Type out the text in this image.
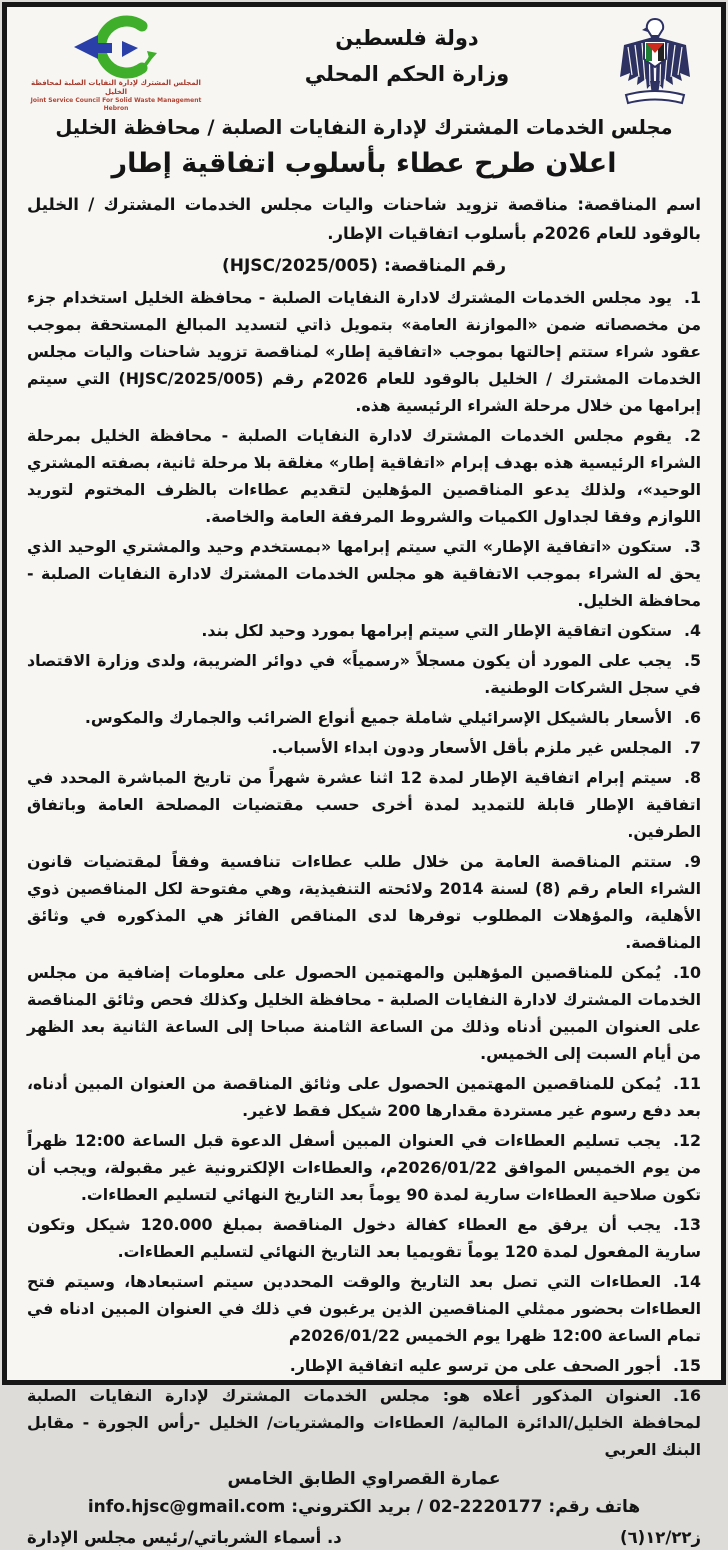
المجلس المشترك لإدارة النفايات الصلبة لمحافظة الخليل
Joint Service Council For Solid Waste Management Hebron
دولة فلسطين
وزارة الحكم المحلي
مجلس الخدمات المشترك لإدارة النفايات الصلبة / محافظة الخليل
اعلان طرح عطاء بأسلوب اتفاقية إطار
اسم المناقصة: مناقصة تزويد شاحنات واليات مجلس الخدمات المشترك / الخليل بالوقود للعام 2026م بأسلوب اتفاقيات الإطار.
رقم المناقصة: (HJSC/2025/005)
1.يود مجلس الخدمات المشترك لادارة النفايات الصلبة - محافظة الخليل استخدام جزء من مخصصاته ضمن «الموازنة العامة» بتمويل ذاتي لتسديد المبالغ المستحقة بموجب عقود شراء ستتم إحالتها بموجب «اتفاقية إطار» لمناقصة تزويد شاحنات واليات مجلس الخدمات المشترك / الخليل بالوقود للعام 2026م رقم (HJSC/2025/005) التي سيتم إبرامها من خلال مرحلة الشراء الرئيسية هذه.
2.يقوم مجلس الخدمات المشترك لادارة النفايات الصلبة - محافظة الخليل بمرحلة الشراء الرئيسية هذه بهدف إبرام «اتفاقية إطار» مغلقة بلا مرحلة ثانية، بصفته المشتري الوحيد»، ولذلك يدعو المناقصين المؤهلين لتقديم عطاءات بالظرف المختوم لتوريد اللوازم وفقا لجداول الكميات والشروط المرفقة العامة والخاصة.
3.ستكون «اتفاقية الإطار» التي سيتم إبرامها «بمستخدم وحيد والمشتري الوحيد الذي يحق له الشراء بموجب الاتفاقية هو مجلس الخدمات المشترك لادارة النفايات الصلبة - محافظة الخليل.
4.ستكون اتفاقية الإطار التي سيتم إبرامها بمورد وحيد لكل بند.
5.يجب على المورد أن يكون مسجلاً «رسمياً» في دوائر الضريبة، ولدى وزارة الاقتصاد في سجل الشركات الوطنية.
6.الأسعار بالشيكل الإسرائيلي شاملة جميع أنواع الضرائب والجمارك والمكوس.
7.المجلس غير ملزم بأقل الأسعار ودون ابداء الأسباب.
8.سيتم إبرام اتفاقية الإطار لمدة 12 اثنا عشرة شهراً من تاريخ المباشرة المحدد في اتفاقية الإطار قابلة للتمديد لمدة أخرى حسب مقتضيات المصلحة العامة وباتفاق الطرفين.
9.ستتم المناقصة العامة من خلال طلب عطاءات تنافسية وفقاً لمقتضيات قانون الشراء العام رقم (8) لسنة 2014 ولائحته التنفيذية، وهي مفتوحة لكل المناقصين ذوي الأهلية، والمؤهلات المطلوب توفرها لدى المناقص الفائز هي المذكوره في وثائق المناقصة.
10.يُمكن للمناقصين المؤهلين والمهتمين الحصول على معلومات إضافية من مجلس الخدمات المشترك لادارة النفايات الصلبة - محافظة الخليل وكذلك فحص وثائق المناقصة على العنوان المبين أدناه وذلك من الساعة الثامنة صباحا إلى الساعة الثانية بعد الظهر من أيام السبت إلى الخميس.
11.يُمكن للمناقصين المهتمين الحصول على وثائق المناقصة من العنوان المبين أدناه، بعد دفع رسوم غير مستردة مقدارها 200 شيكل فقط لاغير.
12.يجب تسليم العطاءات في العنوان المبين أسفل الدعوة قبل الساعة 12:00 ظهراً من يوم الخميس الموافق 2026/01/22م، والعطاءات الإلكترونية غير مقبولة، ويجب أن تكون صلاحية العطاءات سارية لمدة 90 يوماً بعد التاريخ النهائي لتسليم العطاءات.
13.يجب أن يرفق مع العطاء كفالة دخول المناقصة بمبلغ 120.000 شيكل وتكون سارية المفعول لمدة 120 يوماً تقويميا بعد التاريخ النهائي لتسليم العطاءات.
14.العطاءات التي تصل بعد التاريخ والوقت المحددين سيتم استبعادها، وسيتم فتح العطاءات بحضور ممثلي المناقصين الذين يرغبون في ذلك في العنوان المبين ادناه في تمام الساعة 12:00 ظهرا يوم الخميس 2026/01/22م
15.أجور الصحف على من ترسو عليه اتفاقية الإطار.
16.العنوان المذكور أعلاه هو: مجلس الخدمات المشترك لإدارة النفايات الصلبة لمحافظة الخليل/الدائرة المالية/ العطاءات والمشتريات/ الخليل -رأس الجورة - مقابل البنك العربي
عمارة القصراوي الطابق الخامس
هاتف رقم: 02-2220177 / بريد الكتروني: info.hjsc@gmail.com
ز١٢/٢٢(٦)
د. أسماء الشرباتي/رئيس مجلس الإدارة
